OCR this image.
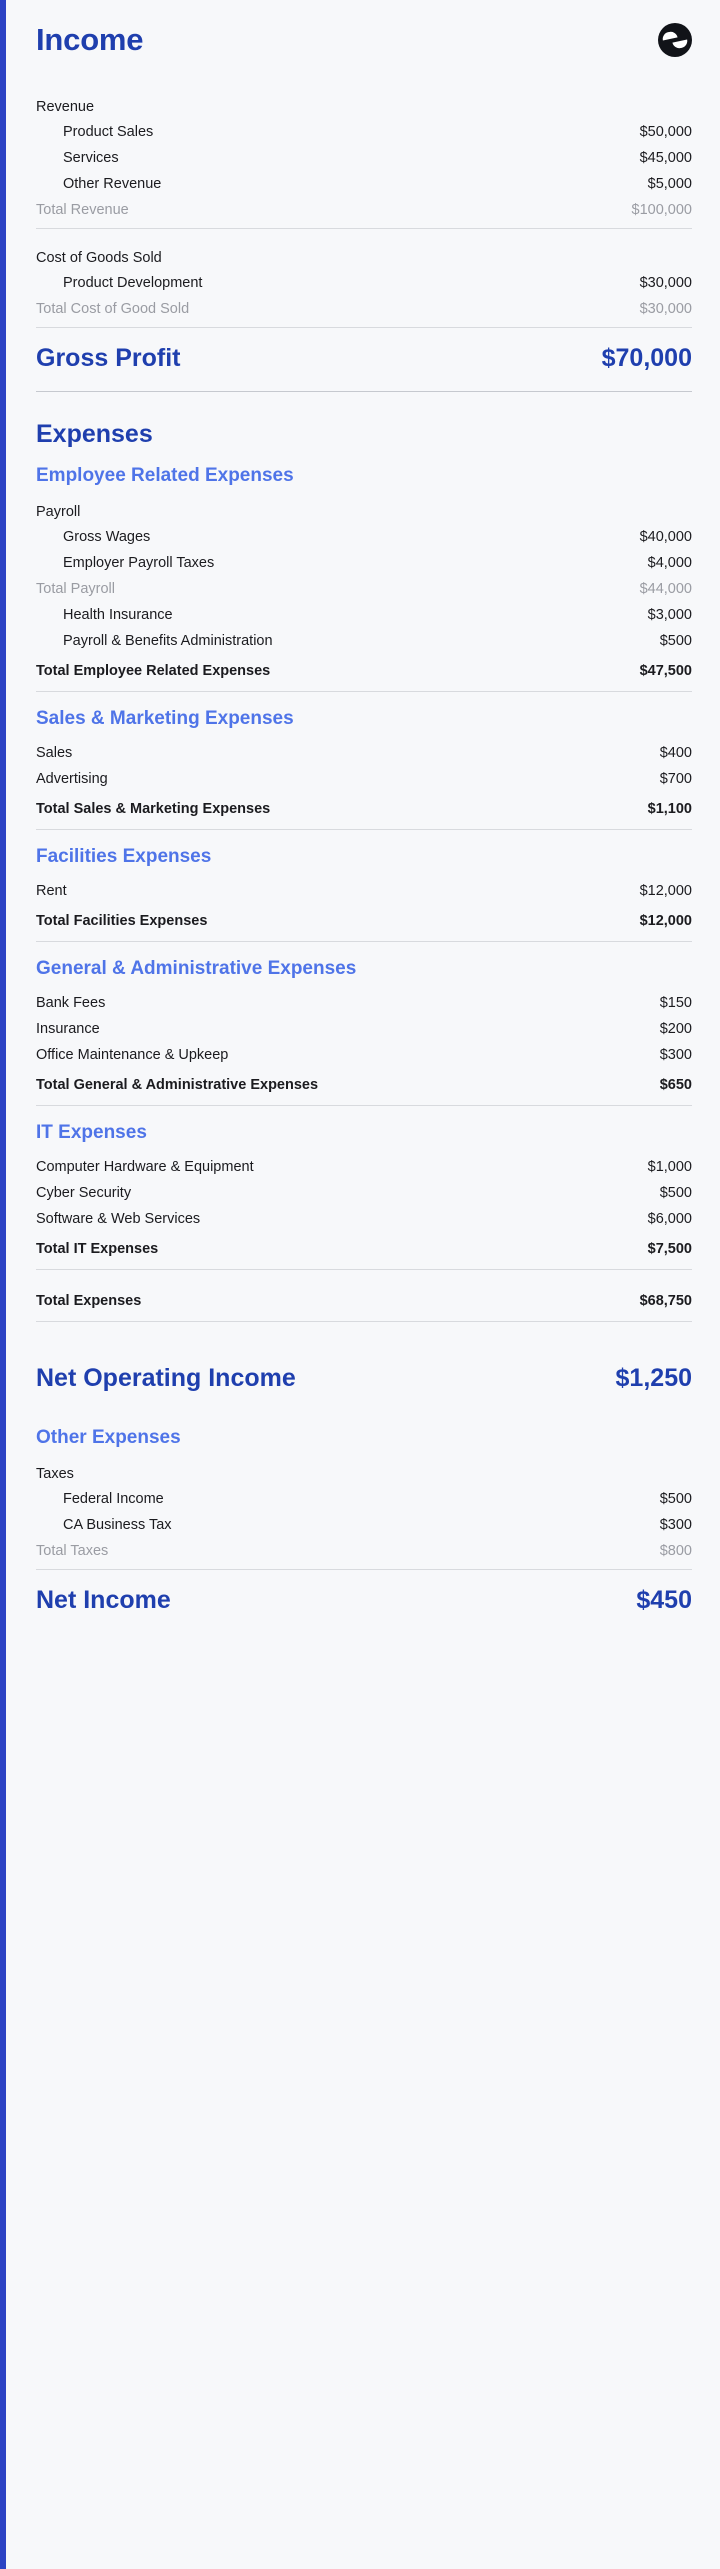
Income
Revenue
Product Sales	$50,000
Services	$45,000
Other Revenue	$5,000
Total Revenue	$100,000
Cost of Goods Sold
Product Development	$30,000
Total Cost of Good Sold	$30,000
Gross Profit	$70,000
Expenses
Employee Related Expenses
Payroll
Gross Wages	$40,000
Employer Payroll Taxes	$4,000
Total Payroll	$44,000
Health Insurance	$3,000
Payroll & Benefits Administration	$500
Total Employee Related Expenses	$47,500
Sales & Marketing Expenses
Sales	$400
Advertising	$700
Total Sales & Marketing Expenses	$1,100
Facilities Expenses
Rent	$12,000
Total Facilities Expenses	$12,000
General & Administrative Expenses
Bank Fees	$150
Insurance	$200
Office Maintenance & Upkeep	$300
Total General & Administrative Expenses	$650
IT Expenses
Computer Hardware & Equipment	$1,000
Cyber Security	$500
Software & Web Services	$6,000
Total IT Expenses	$7,500
Total Expenses	$68,750
Net Operating Income	$1,250
Other Expenses
Taxes
Federal Income	$500
CA Business Tax	$300
Total Taxes	$800
Net Income	$450
